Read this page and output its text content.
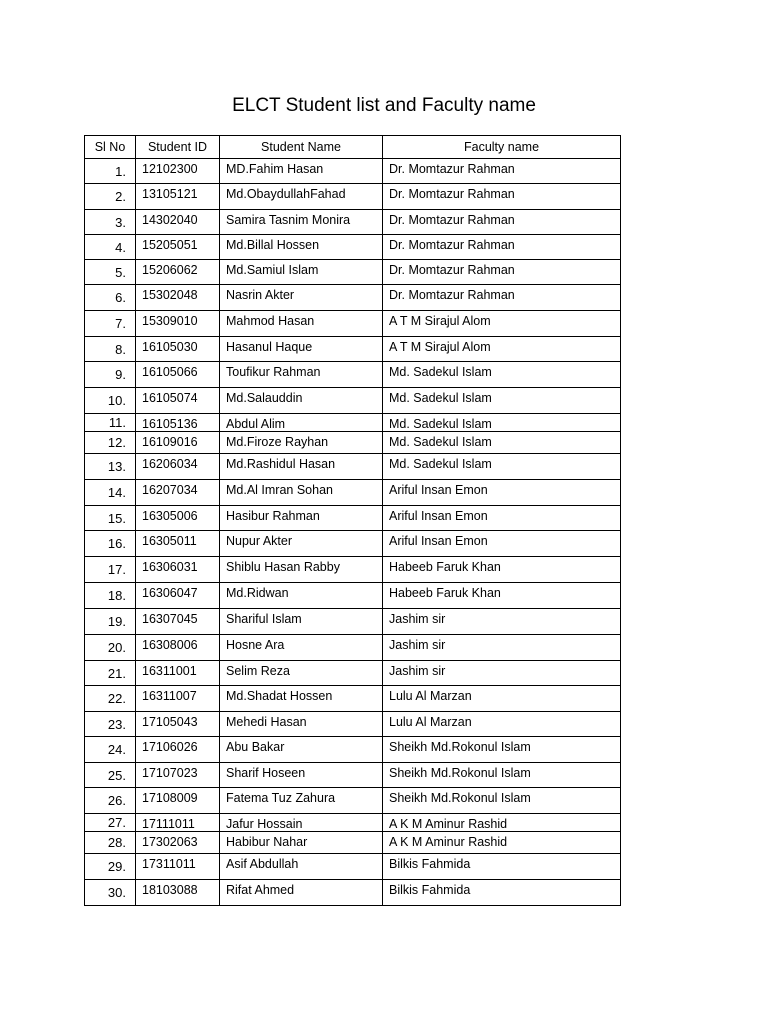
ELCT Student list and Faculty name
Sl No	Student ID	Student Name	Faculty name
1.	12102300	MD.Fahim Hasan	Dr. Momtazur Rahman
2.	13105121	Md.ObaydullahFahad	Dr. Momtazur Rahman
3.	14302040	Samira Tasnim Monira	Dr. Momtazur Rahman
4.	15205051	Md.Billal Hossen	Dr. Momtazur Rahman
5.	15206062	Md.Samiul Islam	Dr. Momtazur Rahman
6.	15302048	Nasrin Akter	Dr. Momtazur Rahman
7.	15309010	Mahmod Hasan	A T M Sirajul Alom
8.	16105030	Hasanul Haque	A T M Sirajul Alom
9.	16105066	Toufikur Rahman	Md. Sadekul Islam
10.	16105074	Md.Salauddin	Md. Sadekul Islam
11.	16105136	Abdul Alim	Md. Sadekul Islam
12.	16109016	Md.Firoze Rayhan	Md. Sadekul Islam
13.	16206034	Md.Rashidul Hasan	Md. Sadekul Islam
14.	16207034	Md.Al Imran Sohan	Ariful Insan Emon
15.	16305006	Hasibur Rahman	Ariful Insan Emon
16.	16305011	Nupur Akter	Ariful Insan Emon
17.	16306031	Shiblu Hasan Rabby	Habeeb Faruk Khan
18.	16306047	Md.Ridwan	Habeeb Faruk Khan
19.	16307045	Shariful Islam	Jashim sir
20.	16308006	Hosne Ara	Jashim sir
21.	16311001	Selim Reza	Jashim sir
22.	16311007	Md.Shadat Hossen	Lulu Al Marzan
23.	17105043	Mehedi Hasan	Lulu Al Marzan
24.	17106026	Abu Bakar	Sheikh Md.Rokonul Islam
25.	17107023	Sharif Hoseen	Sheikh Md.Rokonul Islam
26.	17108009	Fatema Tuz Zahura	Sheikh Md.Rokonul Islam
27.	17111011	Jafur Hossain	A K M Aminur Rashid
28.	17302063	Habibur Nahar	A K M Aminur Rashid
29.	17311011	Asif Abdullah	Bilkis Fahmida
30.	18103088	Rifat Ahmed	Bilkis Fahmida
